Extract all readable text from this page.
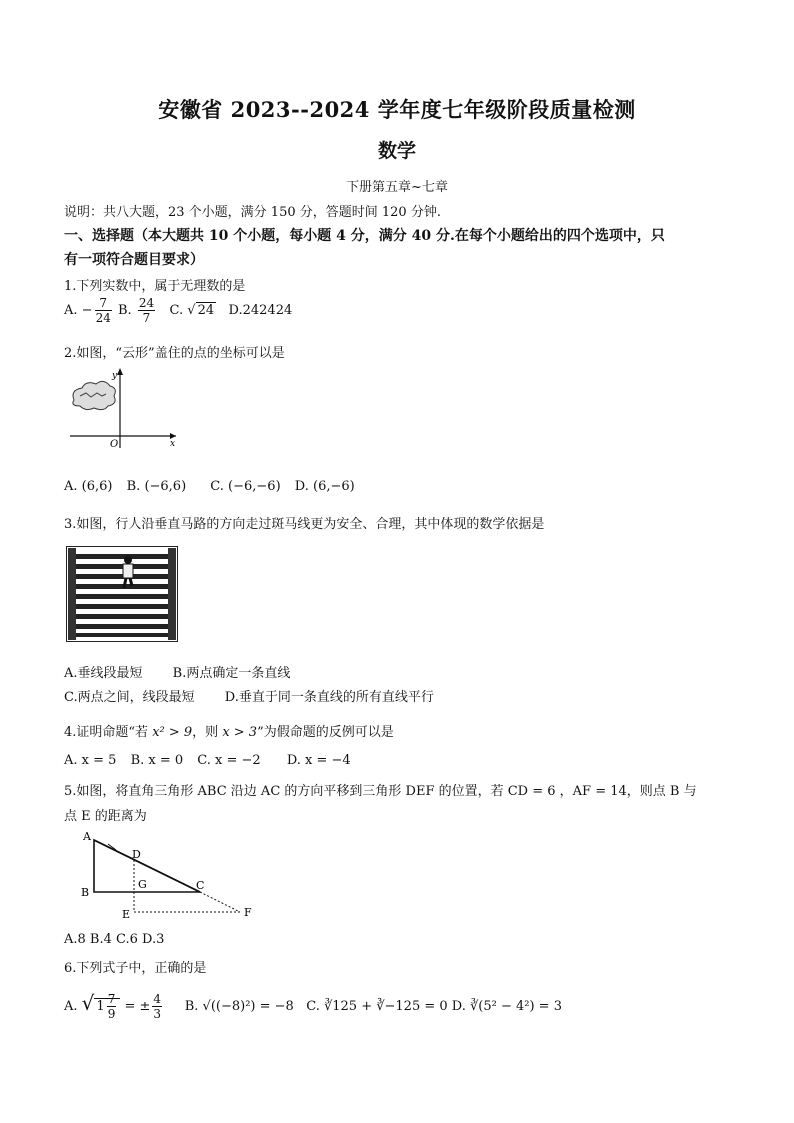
安徽省 2023--2024 学年度七年级阶段质量检测
数学
下册第五章~七章
说明：共八大题，23 个小题，满分 150 分，答题时间 120 分钟.
一、选择题（本大题共 10 个小题，每小题 4 分，满分 40 分.在每个小题给出的四个选项中，只
有一项符合题目要求）
1.下列实数中，属于无理数的是
A. − $\frac{7}{24} B$. $\frac{24}{7} C$. √ 24 D.242424
2.如图，“云形”盖住的点的坐标可以是
y
x
O
A. (6,6) B. (−6,6) C. (−6,−6) D. (6,−6)
3.如图，行人沿垂直马路的方向走过斑马线更为安全、合理，其中体现的数学依据是
A.垂线段最短 B.两点确定一条直线
C.两点之间，线段最短 D.垂直于同一条直线的所有直线平行
4.证明命题“若 x² > 9，则 x > 3”为假命题的反例可以是
A. x = 5 B. x = 0 C. x = −2 D. x = −4
5.如图，将直角三角形 ABC 沿边 AC 的方向平移到三角形 DEF 的位置，若 CD = 6 ，AF = 14，则点 B 与
点 E 的距离为
A
B
C
D
E	F
G
A.8 B.4 C.6 D.3
6.下列式子中，正确的是
A. √ $1 \frac{7}{9}$ = ± $\frac{4}{3} B$. √((−8)²) = −8 C. ∛125 + ∛−125 = 0 D. ∛(5² − 4²) = 3
